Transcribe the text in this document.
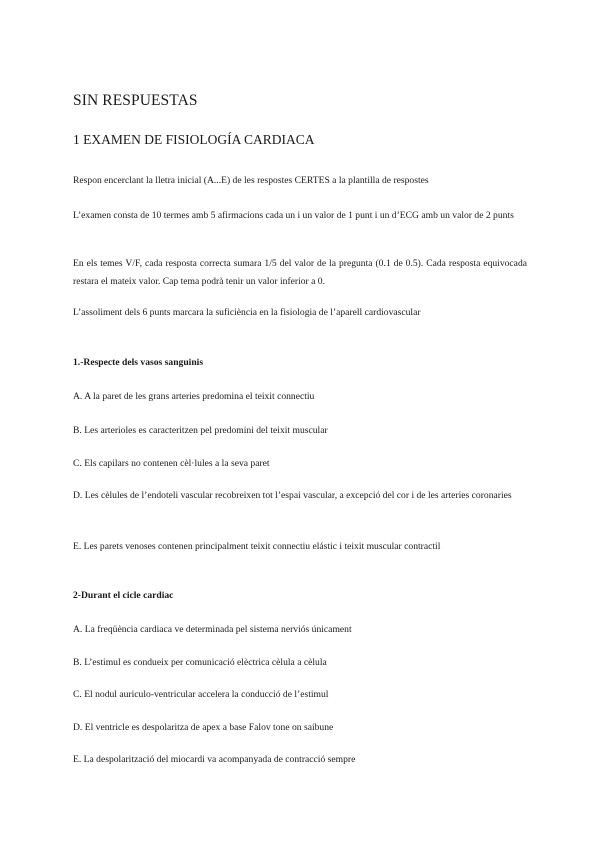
SIN RESPUESTAS
1 EXAMEN DE FISIOLOGÍA CARDIACA
Respon encerclant la lletra inicial (A...E) de les respostes CERTES a la plantilla de respostes
L’examen consta de 10 termes amb 5 afirmacions cada un i un valor de 1 punt i un d’ECG amb un valor de 2 punts
En els temes V/F, cada resposta correcta sumara 1/5 del valor de la pregunta (0.1 de 0.5). Cada resposta equivocada restara el mateix valor. Cap tema podrà tenir un valor inferior a 0.
L’assoliment dels 6 punts marcara la suficiència en la fisiologia de l’aparell cardiovascular
1.-Respecte dels vasos sanguinis
A. A la paret de les grans arteries predomina el teixit connectiu
B. Les arterioles es caracteritzen pel predomini del teixit muscular
C. Els capilars no contenen cèl·lules a la seva paret
D. Les cèlules de l’endoteli vascular recobreixen tot l’espai vascular, a excepció del cor i de les arteries coronaries
E. Les parets venoses contenen principalment teixit connectiu elástic i teixit muscular contractil
2-Durant el cicle cardiac
A. La freqüència cardiaca ve determinada pel sistema nerviós únicament
B. L’estimul es condueix per comunicació elèctrica cèlula a cèlula
C. El nodul auriculo-ventricular accelera la conducció de l’estimul
D. El ventricle es despolaritza de apex a base Falov tone on saibune
E. La despolarització del miocardi va acompanyada de contracció sempre
